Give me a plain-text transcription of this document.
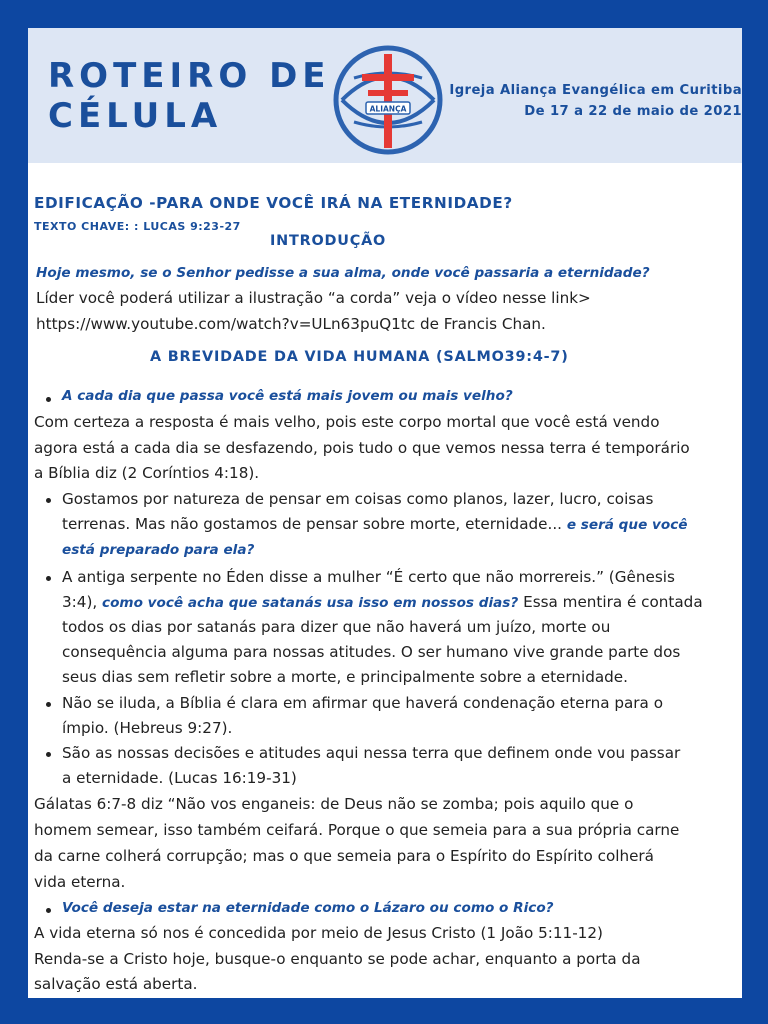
ROTEIRO DE
CÉLULA	ALIANÇA
Igreja Aliança Evangélica em Curitiba
De 17 a 22 de maio de 2021
EDIFICAÇÃO -PARA ONDE VOCÊ IRÁ NA ETERNIDADE?
TEXTO CHAVE: : LUCAS 9:23-27
INTRODUÇÃO
Hoje mesmo, se o Senhor pedisse a sua alma, onde você passaria a eternidade?
Líder você poderá utilizar a ilustração “a corda” veja o vídeo nesse link>
https://www.youtube.com/watch?v=ULn63puQ1tc de Francis Chan.
A BREVIDADE DA VIDA HUMANA (SALMO39:4-7)
A cada dia que passa você está mais jovem ou mais velho?
Com certeza a resposta é mais velho, pois este corpo mortal que você está vendo
agora está a cada dia se desfazendo, pois tudo o que vemos nessa terra é temporário
a Bíblia diz (2 Coríntios 4:18).
Gostamos por natureza de pensar em coisas como planos, lazer, lucro, coisas
terrenas. Mas não gostamos de pensar sobre morte, eternidade... e será que você
está preparado para ela?
A antiga serpente no Éden disse a mulher “É certo que não morrereis.” (Gênesis
3:4), como você acha que satanás usa isso em nossos dias? Essa mentira é contada
todos os dias por satanás para dizer que não haverá um juízo, morte ou
consequência alguma para nossas atitudes. O ser humano vive grande parte dos
seus dias sem refletir sobre a morte, e principalmente sobre a eternidade.
Não se iluda, a Bíblia é clara em afirmar que haverá condenação eterna para o
ímpio. (Hebreus 9:27).
São as nossas decisões e atitudes aqui nessa terra que definem onde vou passar
a eternidade. (Lucas 16:19-31)
Gálatas 6:7-8 diz “Não vos enganeis: de Deus não se zomba; pois aquilo que o
homem semear, isso também ceifará. Porque o que semeia para a sua própria carne
da carne colherá corrupção; mas o que semeia para o Espírito do Espírito colherá
vida eterna.
Você deseja estar na eternidade como o Lázaro ou como o Rico?
A vida eterna só nos é concedida por meio de Jesus Cristo (1 João 5:11-12)
Renda-se a Cristo hoje, busque-o enquanto se pode achar, enquanto a porta da
salvação está aberta.
